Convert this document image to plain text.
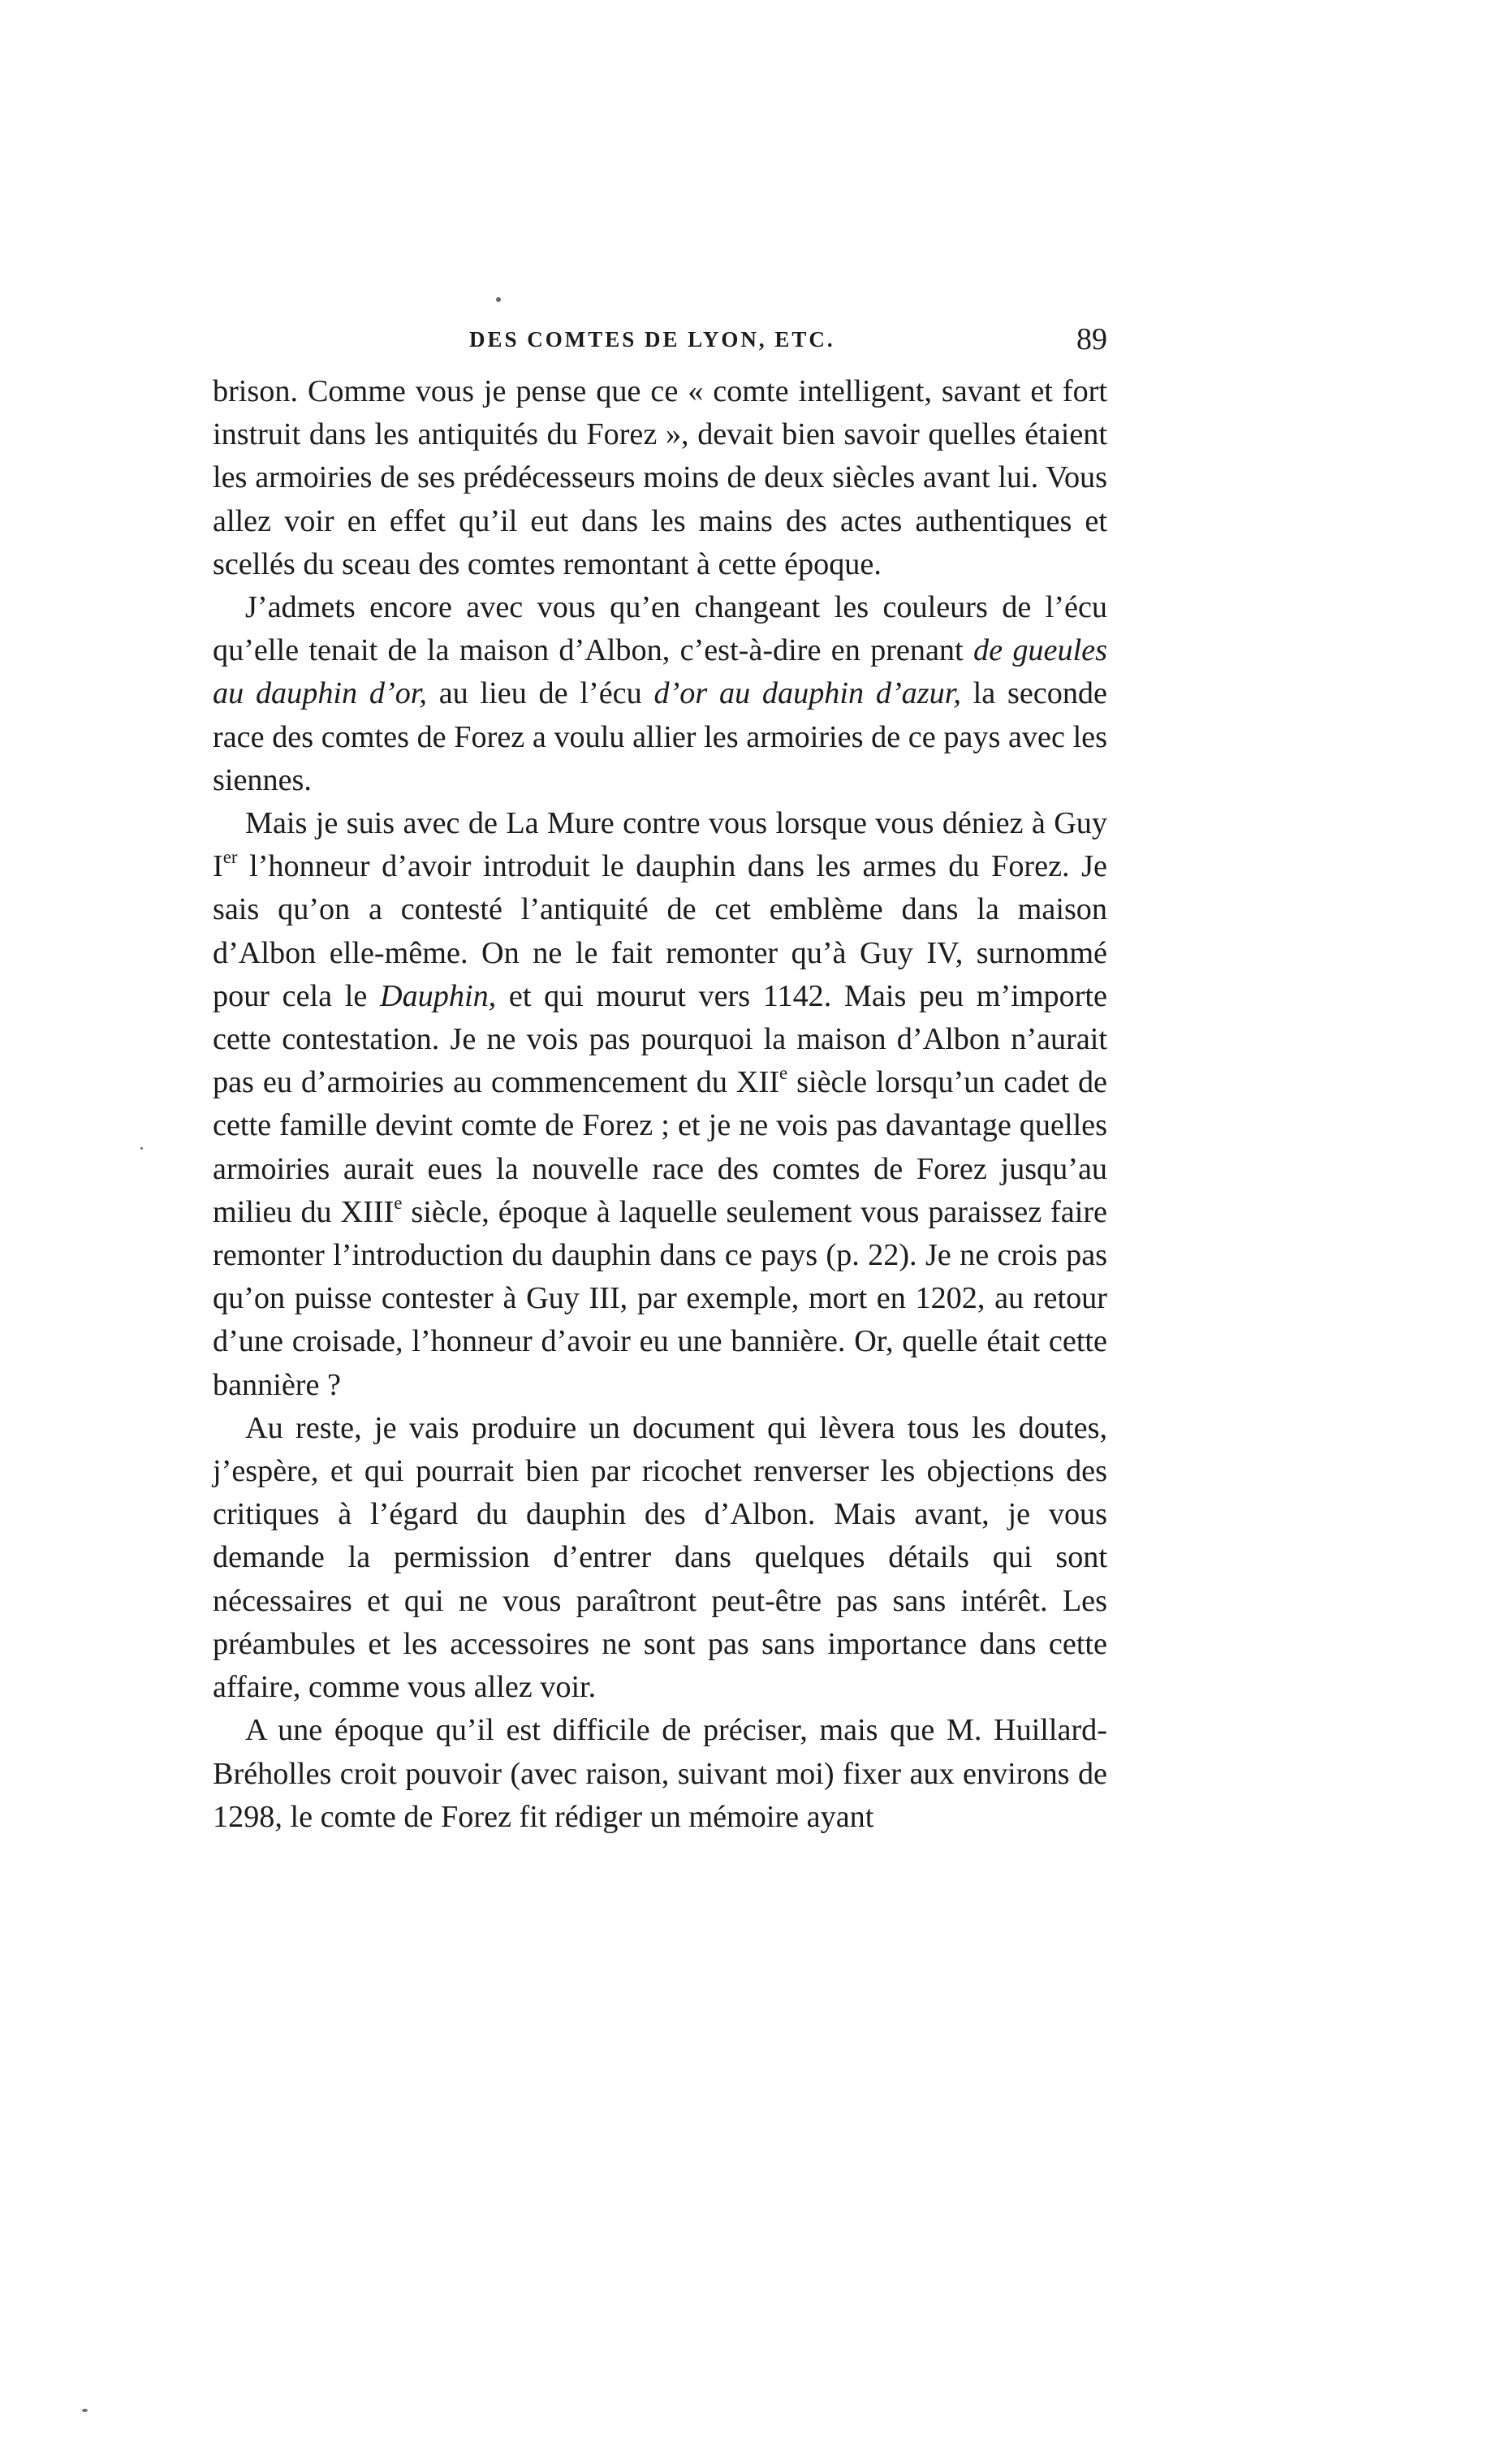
DES COMTES DE LYON, ETC.	89

brison. Comme vous je pense que ce « comte intelligent, savant et fort instruit dans les antiquités du Forez », devait bien savoir quelles étaient les armoiries de ses prédécesseurs moins de deux siècles avant lui. Vous allez voir en effet qu’il eut dans les mains des actes authentiques et scellés du sceau des comtes remontant à cette époque.

J’admets encore avec vous qu’en changeant les couleurs de l’écu qu’elle tenait de la maison d’Albon, c’est-à-dire en prenant de gueules au dauphin d’or, au lieu de l’écu d’or au dauphin d’azur, la seconde race des comtes de Forez a voulu allier les armoiries de ce pays avec les siennes.

Mais je suis avec de La Mure contre vous lorsque vous déniez à Guy Ier l’honneur d’avoir introduit le dauphin dans les armes du Forez. Je sais qu’on a contesté l’antiquité de cet emblème dans la maison d’Albon elle-même. On ne le fait remonter qu’à Guy IV, surnommé pour cela le Dauphin, et qui mourut vers 1142. Mais peu m’importe cette contestation. Je ne vois pas pourquoi la maison d’Albon n’aurait pas eu d’armoiries au commencement du XIIe siècle lorsqu’un cadet de cette famille devint comte de Forez ; et je ne vois pas davantage quelles armoiries aurait eues la nouvelle race des comtes de Forez jusqu’au milieu du XIIIe siècle, époque à laquelle seulement vous paraissez faire remonter l’introduction du dauphin dans ce pays (p. 22). Je ne crois pas qu’on puisse contester à Guy III, par exemple, mort en 1202, au retour d’une croisade, l’honneur d’avoir eu une bannière. Or, quelle était cette bannière ?

Au reste, je vais produire un document qui lèvera tous les doutes, j’espère, et qui pourrait bien par ricochet renverser les objections des critiques à l’égard du dauphin des d’Albon. Mais avant, je vous demande la permission d’entrer dans quelques détails qui sont nécessaires et qui ne vous paraîtront peut-être pas sans intérêt. Les préambules et les accessoires ne sont pas sans importance dans cette affaire, comme vous allez voir.

A une époque qu’il est difficile de préciser, mais que M. Huillard-Bréholles croit pouvoir (avec raison, suivant moi) fixer aux environs de 1298, le comte de Forez fit rédiger un mémoire ayant
